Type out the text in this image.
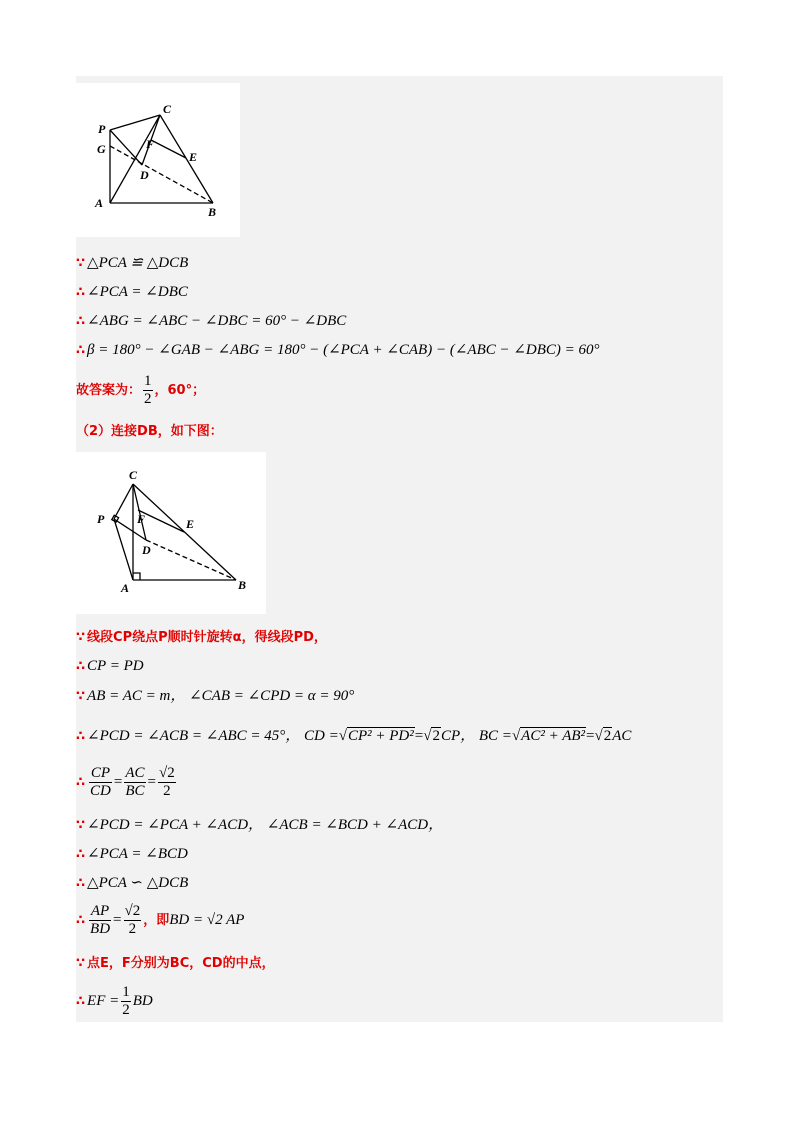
P
G
C
F
E
D
A
B
∵ △PCA ≌ △DCB
∴ ∠PCA = ∠DBC
∴ ∠ABG = ∠ABC − ∠DBC = 60° − ∠DBC
∴ β = 180° − ∠GAB − ∠ABG = 180° − (∠PCA + ∠CAB) − (∠ABC − ∠DBC) = 60°
故答案为： $\frac{1}{2}$ ，60°；
（2）连接DB，如下图：
C
P	F	E
D
A	B
∵ 线段CP绕点P顺时针旋转α，得线段PD，
∴ CP = PD
∵ AB = AC = m， ∠CAB = ∠CPD = α = 90°
∴ ∠PCD = ∠ACB = ∠ABC = 45°， CD =√CP² + PD²=√2CP， BC =√AC² + AB²=√2AC
∴ $\frac{CP}{CD} = \frac{AC}{BC} = \frac{√2}{2}$
∵ ∠PCD = ∠PCA + ∠ACD， ∠ACB = ∠BCD + ∠ACD，
∴ ∠PCA = ∠BCD
∴ △PCA ∽ △DCB
∴ $\frac{AP}{BD} = \frac{√2}{2}$ ，即BD = √2 AP
∵ 点E，F分别为BC，CD的中点，
∴ EF = $\frac{1}{2}$ BD
